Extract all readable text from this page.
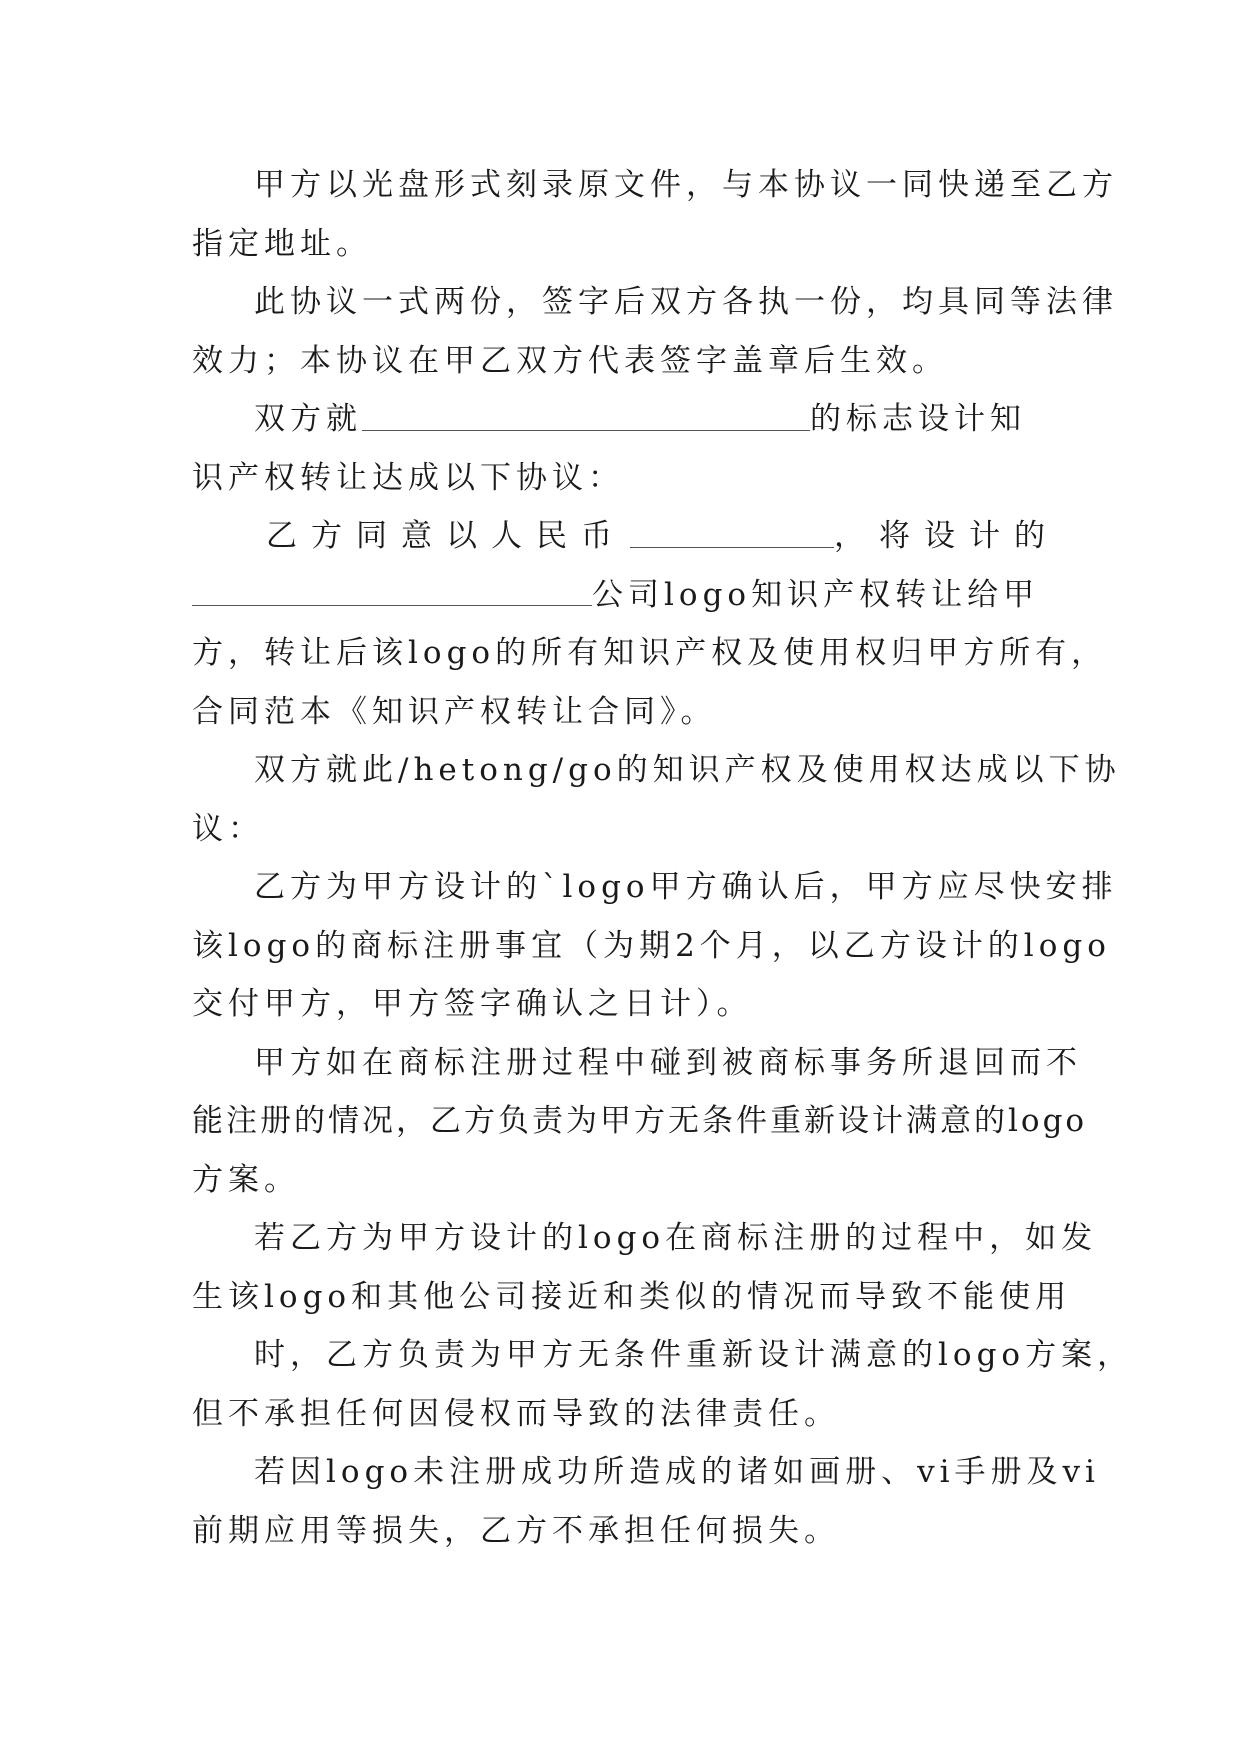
甲方以光盘形式刻录原文件，与本协议一同快递至乙方
指定地址。

此协议一式两份，签字后双方各执一份，均具同等法律
效力；本协议在甲乙双方代表签字盖章后生效。

双方就	的标志设计知
识产权转让达成以下协议：

乙方同意以人民币	，将设计的
公司logo知识产权转让给甲
方，转让后该logo的所有知识产权及使用权归甲方所有，
合同范本《知识产权转让合同》。

双方就此/hetong/go的知识产权及使用权达成以下协
议：

乙方为甲方设计的`logo甲方确认后，甲方应尽快安排
该logo的商标注册事宜（为期2个月，以乙方设计的logo
交付甲方，甲方签字确认之日计）。

甲方如在商标注册过程中碰到被商标事务所退回而不
能注册的情况，乙方负责为甲方无条件重新设计满意的logo
方案。

若乙方为甲方设计的logo在商标注册的过程中，如发
生该logo和其他公司接近和类似的情况而导致不能使用

时，乙方负责为甲方无条件重新设计满意的logo方案，
但不承担任何因侵权而导致的法律责任。

若因logo未注册成功所造成的诸如画册、vi手册及vi
前期应用等损失，乙方不承担任何损失。
